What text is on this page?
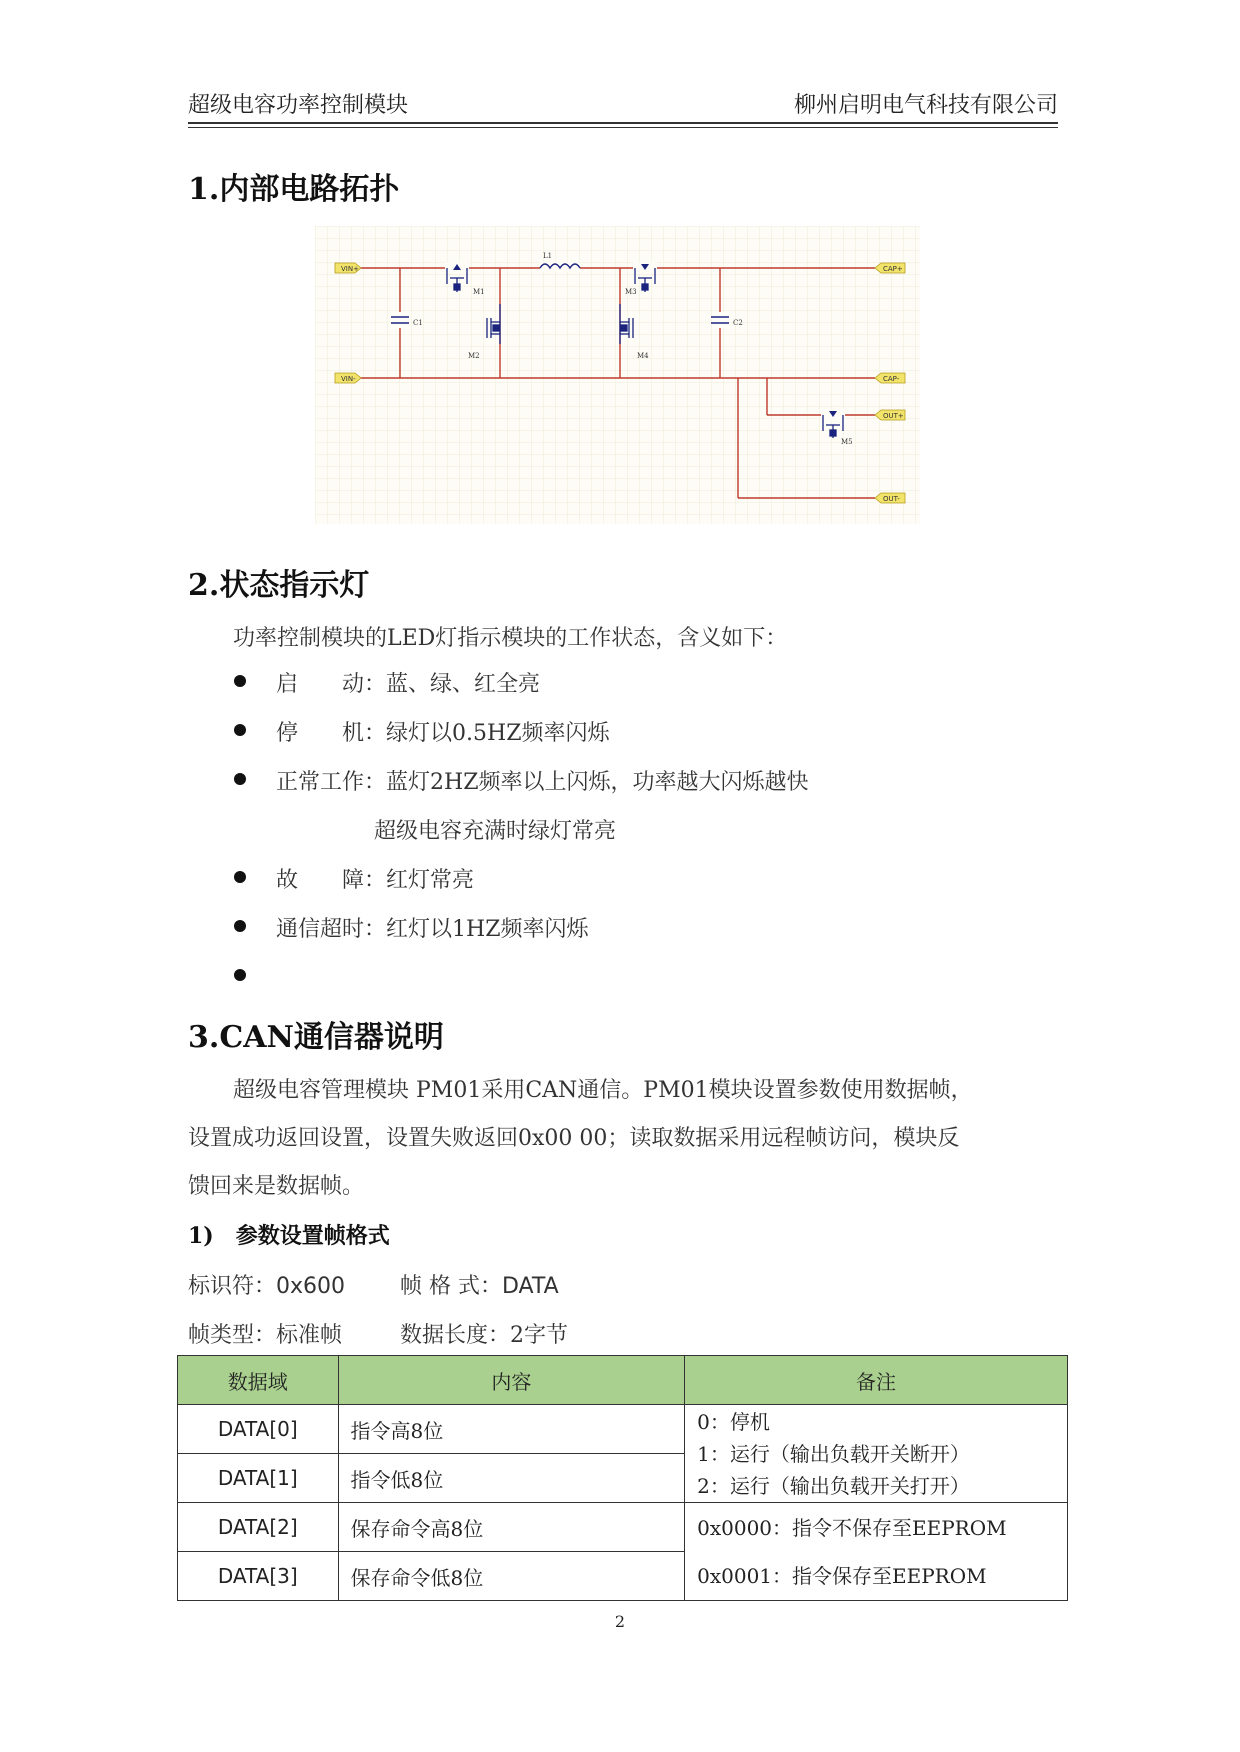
超级电容功率控制模块	柳州启明电气科技有限公司
1.内部电路拓扑
VIN+
VIN-
CAP+
CAP-
OUT+
OUT-
C1	C2
L1
M1
M2
M3
M4
M5
2.状态指示灯
功率控制模块的LED灯指示模块的工作状态，含义如下：
启　　动：蓝、绿、红全亮
停　　机：绿灯以0.5HZ频率闪烁
正常工作：蓝灯2HZ频率以上闪烁，功率越大闪烁越快
超级电容充满时绿灯常亮
故　　障：红灯常亮
通信超时：红灯以1HZ频率闪烁
3.CAN通信器说明
超级电容管理模块 PM01采用CAN通信。PM01模块设置参数使用数据帧，
设置成功返回设置，设置失败返回0x00 00；读取数据采用远程帧访问，模块反
馈回来是数据帧。
1)　参数设置帧格式
标识符：0x600 帧 格 式：DATA
帧类型：标准帧	数据长度：2字节
数据域	内容	备注
DATA[0]	指令高8位	0：停机
1：运行（输出负载开关断开）
2：运行（输出负载开关打开）

DATA[1]	指令低8位	
DATA[2]	保存命令高8位	0x0000：指令不保存至EEPROM
0x0001：指令保存至EEPROM

DATA[3]	保存命令低8位	
2
